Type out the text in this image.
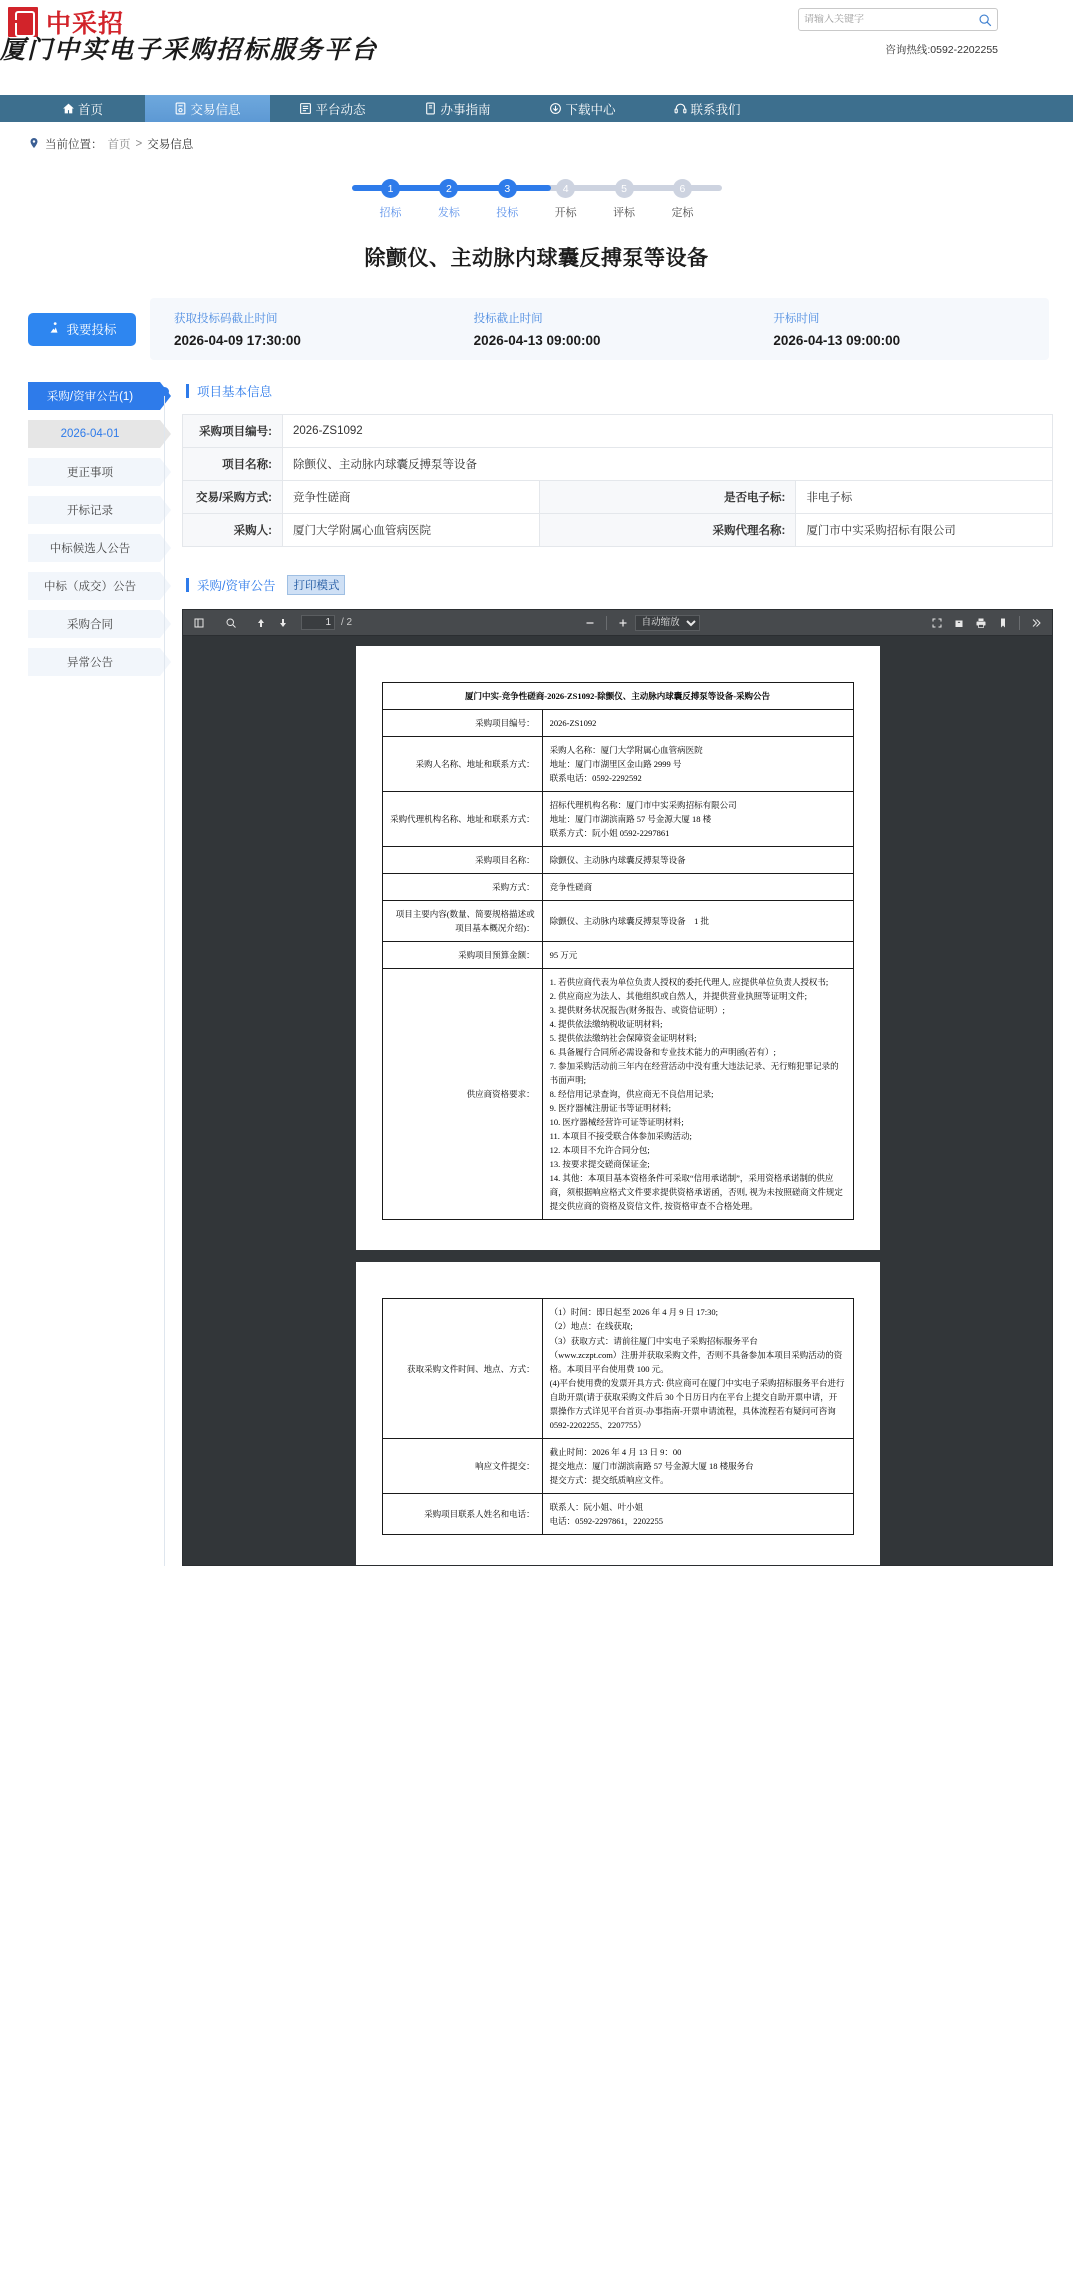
中采招
厦门中实电子采购招标服务平台
请输入关键字	咨询热线:0592-2202255
首页	交易信息	平台动态	办事指南	下载中心	联系我们
当前位置： 首页 > 交易信息
1
招标
2
发标
3
投标
4
开标
5
评标
6
定标
除颤仪、主动脉内球囊反搏泵等设备
我要投标
获取投标码截止时间
2026-04-09 17:30:00
投标截止时间
2026-04-13 09:00:00
开标时间
2026-04-13 09:00:00
采购/资审公告(1)
2026-04-01
更正事项
开标记录
中标候选人公告
中标（成交）公告
采购合同
异常公告
项目基本信息
采购项目编号:	2026-ZS1092		
项目名称:	除颤仪、主动脉内球囊反搏泵等设备		
交易/采购方式:	竞争性磋商	是否电子标:	非电子标
采购人:	厦门大学附属心血管病医院	采购代理名称:	厦门市中实采购招标有限公司
采购/资审公告	打印模式
1
/ 2
自动缩放
厦门中实-竞争性磋商-2026-ZS1092-除颤仪、主动脉内球囊反搏泵等设备-采购公告	
采购项目编号：	2026-ZS1092

采购人名称、地址和联系方式：	采购人名称：厦门大学附属心血管病医院
地址：厦门市湖里区金山路 2999 号
联系电话：0592-2292592

采购代理机构名称、地址和联系方式：	招标代理机构名称：厦门市中实采购招标有限公司
地址：厦门市湖滨南路 57 号金源大厦 18 楼
联系方式：阮小姐 0592-2297861

采购项目名称：	除颤仪、主动脉内球囊反搏泵等设备

采购方式：	竞争性磋商

项目主要内容(数量、简要规格描述或项目基本概况介绍)：	除颤仪、主动脉内球囊反搏泵等设备　1 批

采购项目预算金额：	95 万元

供应商资格要求：	
1. 若供应商代表为单位负责人授权的委托代理人, 应提供单位负责人授权书;
2. 供应商应为法人、其他组织或自然人，并提供营业执照等证明文件;
3. 提供财务状况报告(财务报告、或资信证明）;
4. 提供依法缴纳税收证明材料;
5. 提供依法缴纳社会保障资金证明材料;
6. 具备履行合同所必需设备和专业技术能力的声明函(若有）;
7. 参加采购活动前三年内在经营活动中没有重大违法记录、无行贿犯罪记录的书面声明;
8. 经信用记录查询，供应商无不良信用记录;
9. 医疗器械注册证书等证明材料;
10. 医疗器械经营许可证等证明材料;
11. 本项目不接受联合体参加采购活动;
12. 本项目不允许合同分包;
13. 按要求提交磋商保证金;
14. 其他：本项目基本资格条件可采取“信用承诺制”，采用资格承诺制的供应商，须根据响应格式文件要求提供资格承诺函，否则, 视为未按照磋商文件规定提交供应商的资格及资信文件, 按资格审查不合格处理。
获取采购文件时间、地点、方式：	（1）时间：即日起至 2026 年 4 月 9 日 17:30;
（2）地点：在线获取;
（3）获取方式：请前往厦门中实电子采购招标服务平台
（www.zczpt.com）注册并获取采购文件，否则不具备参加本项目采购活动的资格。本项目平台使用费 100 元。
(4)平台使用费的发票开具方式: 供应商可在厦门中实电子采购招标服务平台进行自助开票(请于获取采购文件后 30 个日历日内在平台上提交自助开票申请，开票操作方式详见平台首页-办事指南-开票申请流程，具体流程若有疑问可咨询 0592-2202255、2207755）

响应文件提交：	截止时间：2026 年 4 月 13 日 9：00
提交地点：厦门市湖滨南路 57 号金源大厦 18 楼服务台
提交方式：提交纸质响应文件。

采购项目联系人姓名和电话：	联系人：阮小姐、叶小姐
电话：0592-2297861，2202255
